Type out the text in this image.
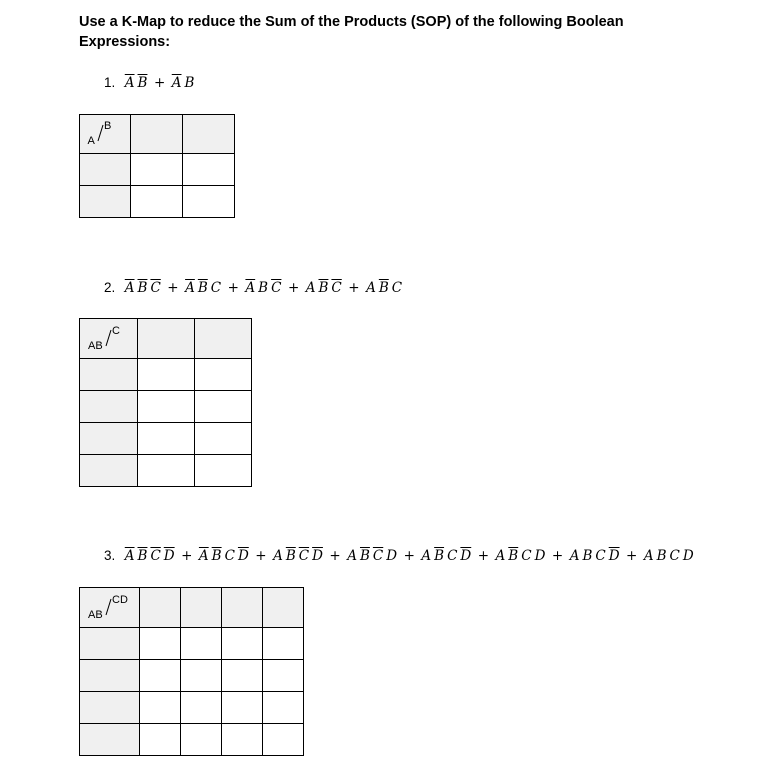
Use a K-Map to reduce the Sum of the Products (SOP) of the following Boolean Expressions:
1. $\overline{A}$ $\overline{B} + \overline{A}$ B
A
B		

2. $\overline{A}$ $\overline{B}$ $\overline{C} + \overline{A}$ $\overline{B}$ $C + \overline{A}$ B $\overline{C} + A$ $\overline{B}$ $\overline{C} + A$ $\overline{B}$ C
AB
C		

3. $\overline{A}$ $\overline{B}$ $\overline{C}$ $\overline{D} + \overline{A}$ $\overline{B}$ C $\overline{D} + A$ $\overline{B}$ $\overline{C}$ $\overline{D} + A$ $\overline{B}$ $\overline{C}$ D + A $\overline{B}$ C $\overline{D} + A$ $\overline{B}$ C D + A B C $\overline{D} + A$ B C D
AB
CD				
